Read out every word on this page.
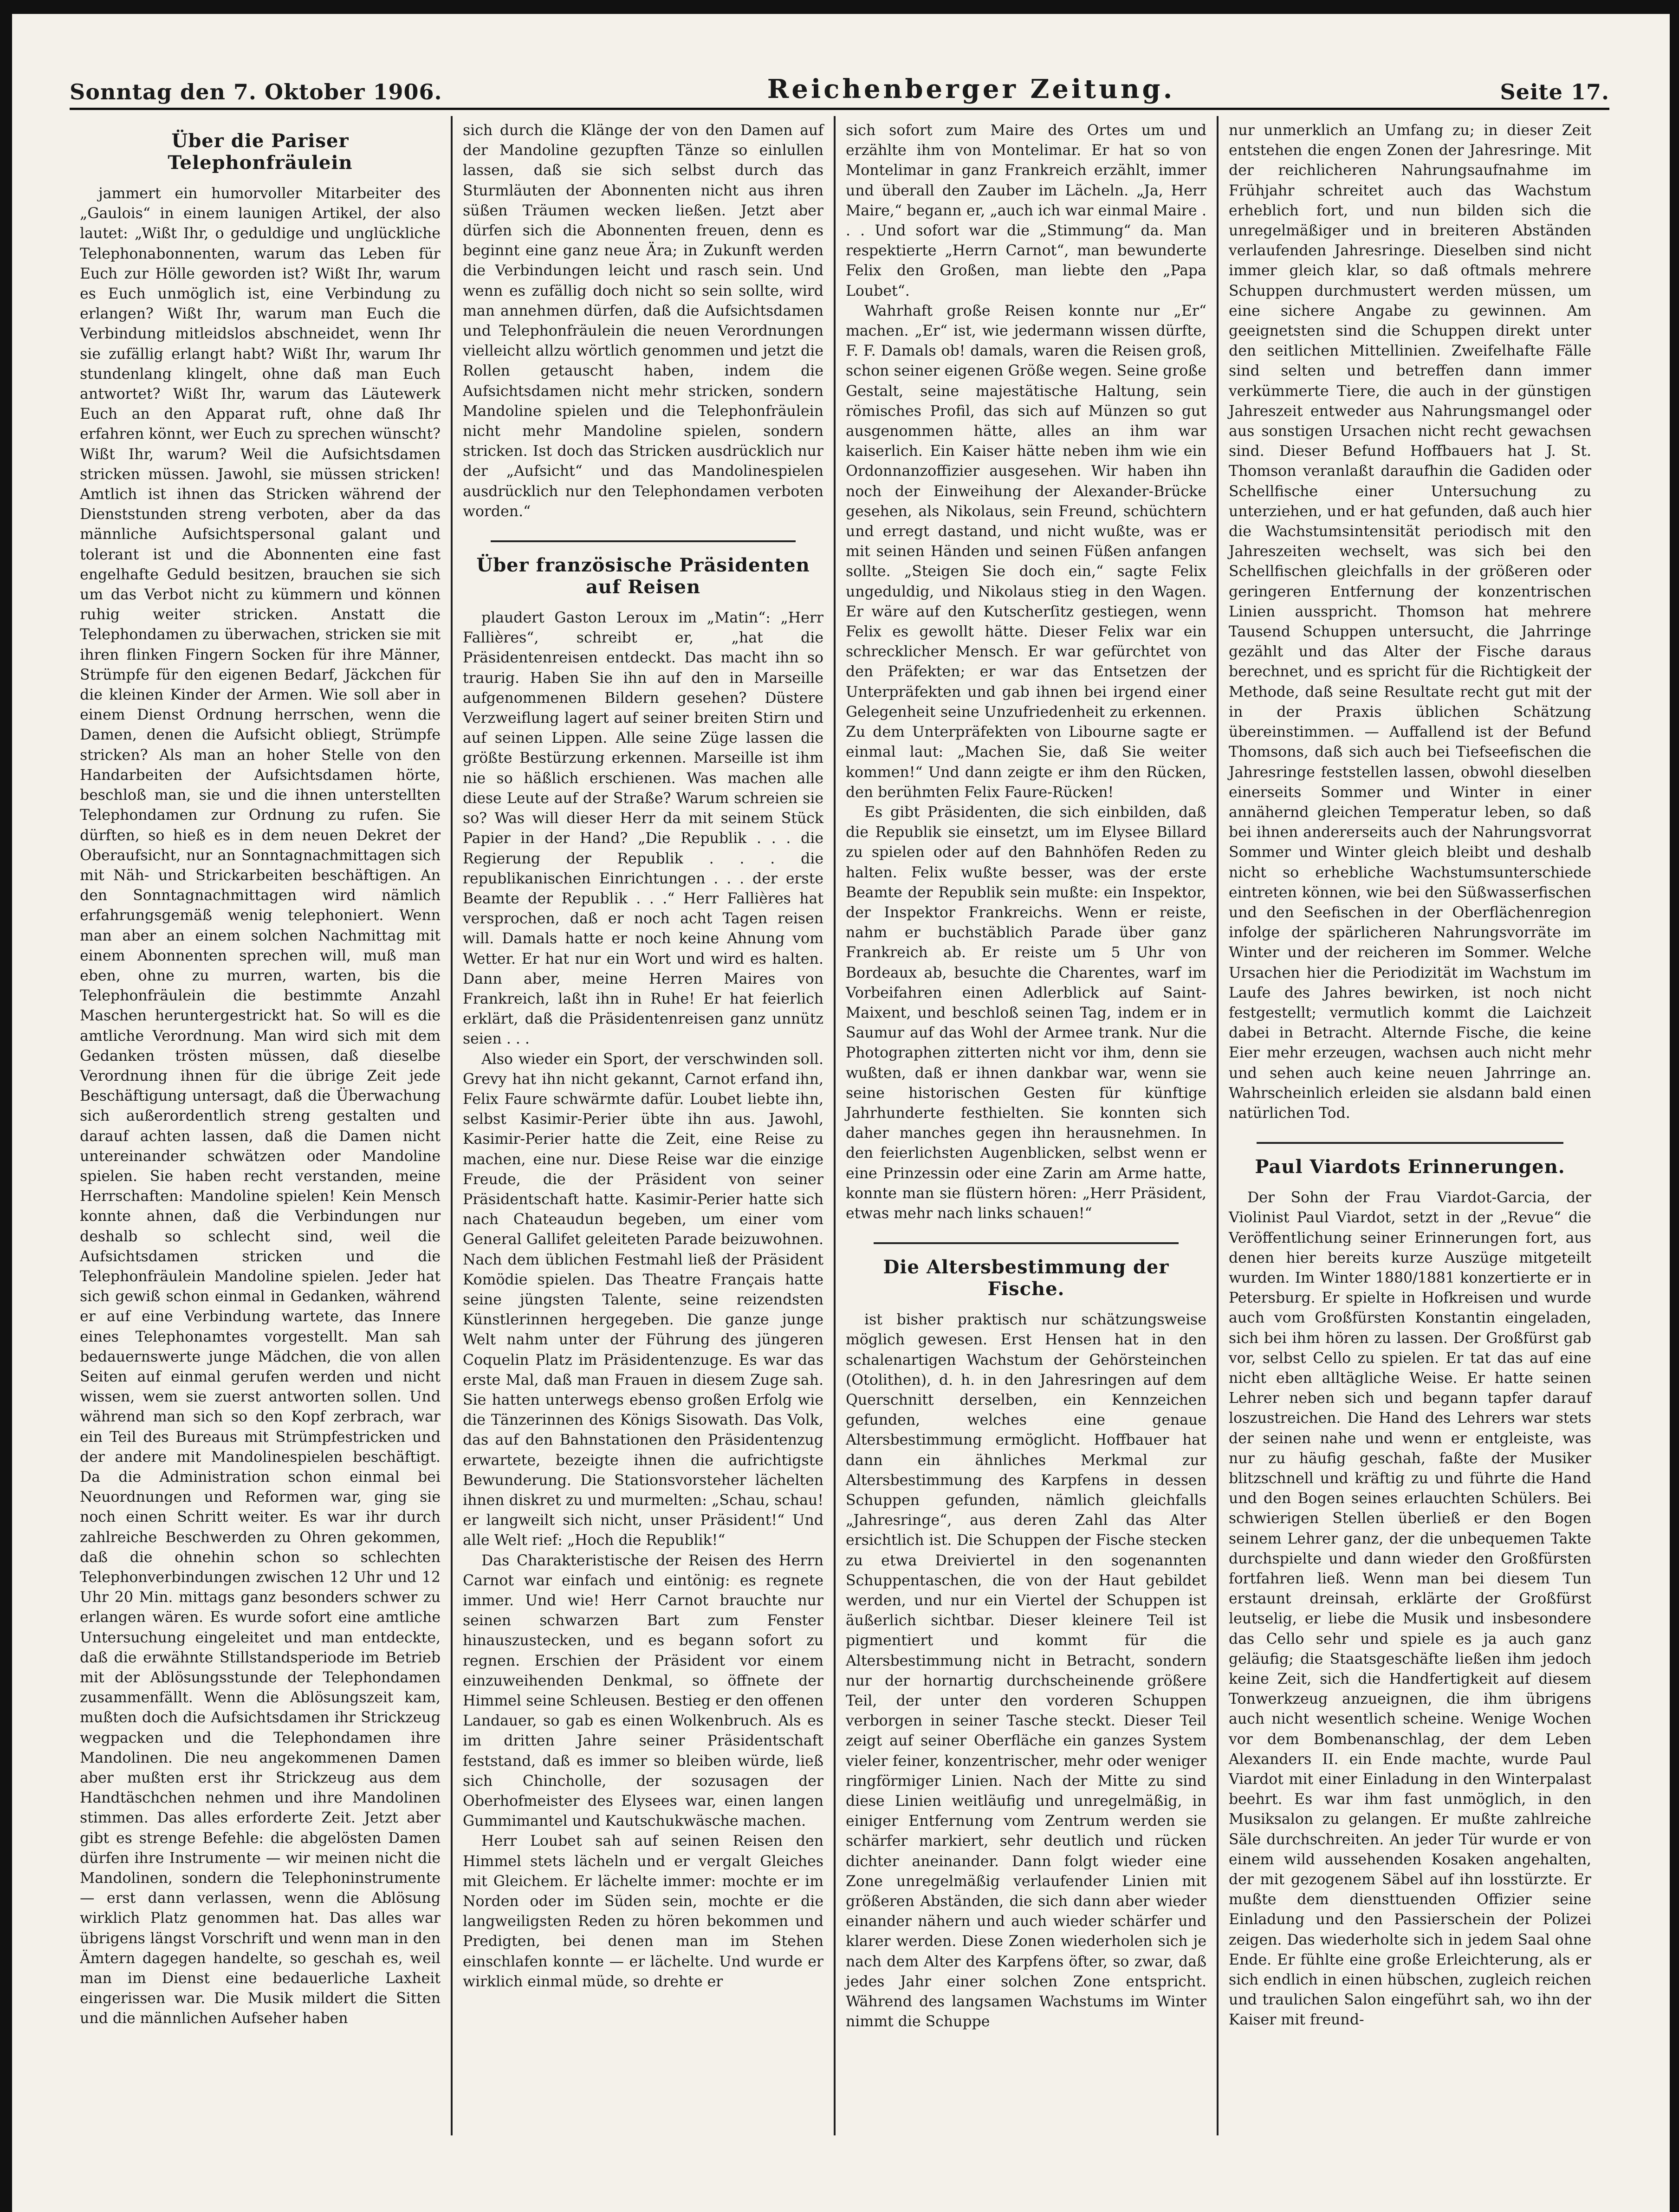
Sonntag den 7. Oktober 1906.	Reichenberger Zeitung.	Seite 17.
Über die Pariser Telephonfräulein

jammert ein humorvoller Mitarbeiter des „Gaulois“ in einem launigen Artikel, der also lautet: „Wißt Ihr, o geduldige und unglückliche Telephonabonnenten, warum das Leben für Euch zur Hölle geworden ist? Wißt Ihr, warum es Euch unmöglich ist, eine Verbindung zu erlangen? Wißt Ihr, warum man Euch die Verbindung mitleidslos abschneidet, wenn Ihr sie zufällig erlangt habt? Wißt Ihr, warum Ihr stundenlang klingelt, ohne daß man Euch antwortet? Wißt Ihr, warum das Läutewerk Euch an den Apparat ruft, ohne daß Ihr erfahren könnt, wer Euch zu sprechen wünscht? Wißt Ihr, warum? Weil die Aufsichtsdamen stricken müssen. Jawohl, sie müssen stricken! Amtlich ist ihnen das Stricken während der Dienststunden streng verboten, aber da das männliche Aufsichtspersonal galant und tolerant ist und die Abonnenten eine fast engelhafte Geduld besitzen, brauchen sie sich um das Verbot nicht zu kümmern und können ruhig weiter stricken. Anstatt die Telephondamen zu überwachen, stricken sie mit ihren flinken Fingern Socken für ihre Männer, Strümpfe für den eigenen Bedarf, Jäckchen für die kleinen Kinder der Armen. Wie soll aber in einem Dienst Ordnung herrschen, wenn die Damen, denen die Aufsicht obliegt, Strümpfe stricken? Als man an hoher Stelle von den Handarbeiten der Aufsichtsdamen hörte, beschloß man, sie und die ihnen unterstellten Telephondamen zur Ordnung zu rufen. Sie dürften, so hieß es in dem neuen Dekret der Oberaufsicht, nur an Sonntagnachmittagen sich mit Näh- und Strickarbeiten beschäftigen. An den Sonntagnachmittagen wird nämlich erfahrungsgemäß wenig telephoniert. Wenn man aber an einem solchen Nachmittag mit einem Abonnenten sprechen will, muß man eben, ohne zu murren, warten, bis die Telephonfräulein die bestimmte Anzahl Maschen heruntergestrickt hat. So will es die amtliche Verordnung. Man wird sich mit dem Gedanken trösten müssen, daß dieselbe Verordnung ihnen für die übrige Zeit jede Beschäftigung untersagt, daß die Überwachung sich außerordentlich streng gestalten und darauf achten lassen, daß die Damen nicht untereinander schwätzen oder Mandoline spielen. Sie haben recht verstanden, meine Herrschaften: Mandoline spielen! Kein Mensch konnte ahnen, daß die Verbindungen nur deshalb so schlecht sind, weil die Aufsichtsdamen stricken und die Telephonfräulein Mandoline spielen. Jeder hat sich gewiß schon einmal in Gedanken, während er auf eine Verbindung wartete, das Innere eines Telephonamtes vorgestellt. Man sah bedauernswerte junge Mädchen, die von allen Seiten auf einmal gerufen werden und nicht wissen, wem sie zuerst antworten sollen. Und während man sich so den Kopf zerbrach, war ein Teil des Bureaus mit Strümpfestricken und der andere mit Mandolinespielen beschäftigt. Da die Administration schon einmal bei Neuordnungen und Reformen war, ging sie noch einen Schritt weiter. Es war ihr durch zahlreiche Beschwerden zu Ohren gekommen, daß die ohnehin schon so schlechten Telephonverbindungen zwischen 12 Uhr und 12 Uhr 20 Min. mittags ganz besonders schwer zu erlangen wären. Es wurde sofort eine amtliche Untersuchung eingeleitet und man entdeckte, daß die erwähnte Stillstandsperiode im Betrieb mit der Ablösungsstunde der Telephondamen zusammenfällt. Wenn die Ablösungszeit kam, mußten doch die Aufsichtsdamen ihr Strickzeug wegpacken und die Telephondamen ihre Mandolinen. Die neu angekommenen Damen aber mußten erst ihr Strickzeug aus dem Handtäschchen nehmen und ihre Mandolinen stimmen. Das alles erforderte Zeit. Jetzt aber gibt es strenge Befehle: die abgelösten Damen dürfen ihre Instrumente — wir meinen nicht die Mandolinen, sondern die Telephoninstrumente — erst dann verlassen, wenn die Ablösung wirklich Platz genommen hat. Das alles war übrigens längst Vorschrift und wenn man in den Ämtern dagegen handelte, so geschah es, weil man im Dienst eine bedauerliche Laxheit eingerissen war. Die Musik mildert die Sitten und die männlichen Aufseher haben

sich durch die Klänge der von den Damen auf der Mandoline gezupften Tänze so einlullen lassen, daß sie sich selbst durch das Sturmläuten der Abonnenten nicht aus ihren süßen Träumen wecken ließen. Jetzt aber dürfen sich die Abonnenten freuen, denn es beginnt eine ganz neue Ära; in Zukunft werden die Verbindungen leicht und rasch sein. Und wenn es zufällig doch nicht so sein sollte, wird man annehmen dürfen, daß die Aufsichtsdamen und Telephonfräulein die neuen Verordnungen vielleicht allzu wörtlich genommen und jetzt die Rollen getauscht haben, indem die Aufsichtsdamen nicht mehr stricken, sondern Mandoline spielen und die Telephonfräulein nicht mehr Mandoline spielen, sondern stricken. Ist doch das Stricken ausdrücklich nur der „Aufsicht“ und das Mandolinespielen ausdrücklich nur den Telephondamen verboten worden.“

Über französische Präsidenten auf Reisen

plaudert Gaston Leroux im „Matin“: „Herr Fallières“, schreibt er, „hat die Präsidentenreisen entdeckt. Das macht ihn so traurig. Haben Sie ihn auf den in Marseille aufgenommenen Bildern gesehen? Düstere Verzweiflung lagert auf seiner breiten Stirn und auf seinen Lippen. Alle seine Züge lassen die größte Bestürzung erkennen. Marseille ist ihm nie so häßlich erschienen. Was machen alle diese Leute auf der Straße? Warum schreien sie so? Was will dieser Herr da mit seinem Stück Papier in der Hand? „Die Republik . . . die Regierung der Republik . . . die republikanischen Einrichtungen . . . der erste Beamte der Republik . . .“ Herr Fallières hat versprochen, daß er noch acht Tagen reisen will. Damals hatte er noch keine Ahnung vom Wetter. Er hat nur ein Wort und wird es halten. Dann aber, meine Herren Maires von Frankreich, laßt ihn in Ruhe! Er hat feierlich erklärt, daß die Präsidentenreisen ganz unnütz seien . . .

Also wieder ein Sport, der verschwinden soll. Grevy hat ihn nicht gekannt, Carnot erfand ihn, Felix Faure schwärmte dafür. Loubet liebte ihn, selbst Kasimir-Perier übte ihn aus. Jawohl, Kasimir-Perier hatte die Zeit, eine Reise zu machen, eine nur. Diese Reise war die einzige Freude, die der Präsident von seiner Präsidentschaft hatte. Kasimir-Perier hatte sich nach Chateaudun begeben, um einer vom General Gallifet geleiteten Parade beizuwohnen. Nach dem üblichen Festmahl ließ der Präsident Komödie spielen. Das Theatre Français hatte seine jüngsten Talente, seine reizendsten Künstlerinnen hergegeben. Die ganze junge Welt nahm unter der Führung des jüngeren Coquelin Platz im Präsidentenzuge. Es war das erste Mal, daß man Frauen in diesem Zuge sah. Sie hatten unterwegs ebenso großen Erfolg wie die Tänzerinnen des Königs Sisowath. Das Volk, das auf den Bahnstationen den Präsidentenzug erwartete, bezeigte ihnen die aufrichtigste Bewunderung. Die Stationsvorsteher lächelten ihnen diskret zu und murmelten: „Schau, schau! er langweilt sich nicht, unser Präsident!“ Und alle Welt rief: „Hoch die Republik!“

Das Charakteristische der Reisen des Herrn Carnot war einfach und eintönig: es regnete immer. Und wie! Herr Carnot brauchte nur seinen schwarzen Bart zum Fenster hinauszustecken, und es begann sofort zu regnen. Erschien der Präsident vor einem einzuweihenden Denkmal, so öffnete der Himmel seine Schleusen. Bestieg er den offenen Landauer, so gab es einen Wolkenbruch. Als es im dritten Jahre seiner Präsidentschaft feststand, daß es immer so bleiben würde, ließ sich Chincholle, der sozusagen der Oberhofmeister des Elysees war, einen langen Gummimantel und Kautschukwäsche machen.

Herr Loubet sah auf seinen Reisen den Himmel stets lächeln und er vergalt Gleiches mit Gleichem. Er lächelte immer: mochte er im Norden oder im Süden sein, mochte er die langweiligsten Reden zu hören bekommen und Predigten, bei denen man im Stehen einschlafen konnte — er lächelte. Und wurde er wirklich einmal müde, so drehte er

sich sofort zum Maire des Ortes um und erzählte ihm von Montelimar. Er hat so von Montelimar in ganz Frankreich erzählt, immer und überall den Zauber im Lächeln. „Ja, Herr Maire,“ begann er, „auch ich war einmal Maire . . . Und sofort war die „Stimmung“ da. Man respektierte „Herrn Carnot“, man bewunderte Felix den Großen, man liebte den „Papa Loubet“.

Wahrhaft große Reisen konnte nur „Er“ machen. „Er“ ist, wie jedermann wissen dürfte, F. F. Damals ob! damals, waren die Reisen groß, schon seiner eigenen Größe wegen. Seine große Gestalt, seine majestätische Haltung, sein römisches Profil, das sich auf Münzen so gut ausgenommen hätte, alles an ihm war kaiserlich. Ein Kaiser hätte neben ihm wie ein Ordonnanzoffizier ausgesehen. Wir haben ihn noch der Einweihung der Alexander-Brücke gesehen, als Nikolaus, sein Freund, schüchtern und erregt dastand, und nicht wußte, was er mit seinen Händen und seinen Füßen anfangen sollte. „Steigen Sie doch ein,“ sagte Felix ungeduldig, und Nikolaus stieg in den Wagen. Er wäre auf den Kutscherſitz gestiegen, wenn Felix es gewollt hätte. Dieser Felix war ein schrecklicher Mensch. Er war gefürchtet von den Präfekten; er war das Entsetzen der Unterpräfekten und gab ihnen bei irgend einer Gelegenheit seine Unzufriedenheit zu erkennen. Zu dem Unterpräfekten von Libourne sagte er einmal laut: „Machen Sie, daß Sie weiter kommen!“ Und dann zeigte er ihm den Rücken, den berühmten Felix Faure-Rücken!

Es gibt Präsidenten, die sich einbilden, daß die Republik sie einsetzt, um im Elysee Billard zu spielen oder auf den Bahnhöfen Reden zu halten. Felix wußte besser, was der erste Beamte der Republik sein mußte: ein Inspektor, der Inspektor Frankreichs. Wenn er reiste, nahm er buchstäblich Parade über ganz Frankreich ab. Er reiste um 5 Uhr von Bordeaux ab, besuchte die Charentes, warf im Vorbeifahren einen Adlerblick auf Saint-Maixent, und beschloß seinen Tag, indem er in Saumur auf das Wohl der Armee trank. Nur die Photographen zitterten nicht vor ihm, denn sie wußten, daß er ihnen dankbar war, wenn sie seine historischen Gesten für künftige Jahrhunderte festhielten. Sie konnten sich daher manches gegen ihn herausnehmen. In den feierlichsten Augenblicken, selbst wenn er eine Prinzessin oder eine Zarin am Arme hatte, konnte man sie flüstern hören: „Herr Präsident, etwas mehr nach links schauen!“

Die Altersbestimmung der Fische.

ist bisher praktisch nur schätzungsweise möglich gewesen. Erst Hensen hat in den schalenartigen Wachstum der Gehörsteinchen (Otolithen), d. h. in den Jahresringen auf dem Querschnitt derselben, ein Kennzeichen gefunden, welches eine genaue Altersbestimmung ermöglicht. Hoffbauer hat dann ein ähnliches Merkmal zur Altersbestimmung des Karpfens in dessen Schuppen gefunden, nämlich gleichfalls „Jahresringe“, aus deren Zahl das Alter ersichtlich ist. Die Schuppen der Fische stecken zu etwa Dreiviertel in den sogenannten Schuppentaschen, die von der Haut gebildet werden, und nur ein Viertel der Schuppen ist äußerlich sichtbar. Dieser kleinere Teil ist pigmentiert und kommt für die Altersbestimmung nicht in Betracht, sondern nur der hornartig durchscheinende größere Teil, der unter den vorderen Schuppen verborgen in seiner Tasche steckt. Dieser Teil zeigt auf seiner Oberfläche ein ganzes System vieler feiner, konzentrischer, mehr oder weniger ringförmiger Linien. Nach der Mitte zu sind diese Linien weitläufig und unregelmäßig, in einiger Entfernung vom Zentrum werden sie schärfer markiert, sehr deutlich und rücken dichter aneinander. Dann folgt wieder eine Zone unregelmäßig verlaufender Linien mit größeren Abständen, die sich dann aber wieder einander nähern und auch wieder schärfer und klarer werden. Diese Zonen wiederholen sich je nach dem Alter des Karpfens öfter, so zwar, daß jedes Jahr einer solchen Zone entspricht. Während des langsamen Wachstums im Winter nimmt die Schuppe

nur unmerklich an Umfang zu; in dieser Zeit entstehen die engen Zonen der Jahresringe. Mit der reichlicheren Nahrungsaufnahme im Frühjahr schreitet auch das Wachstum erheblich fort, und nun bilden sich die unregelmäßiger und in breiteren Abständen verlaufenden Jahresringe. Dieselben sind nicht immer gleich klar, so daß oftmals mehrere Schuppen durchmustert werden müssen, um eine sichere Angabe zu gewinnen. Am geeignetsten sind die Schuppen direkt unter den seitlichen Mittellinien. Zweifelhafte Fälle sind selten und betreffen dann immer verkümmerte Tiere, die auch in der günstigen Jahreszeit entweder aus Nahrungsmangel oder aus sonstigen Ursachen nicht recht gewachsen sind. Dieser Befund Hoffbauers hat J. St. Thomson veranlaßt daraufhin die Gadiden oder Schellfische einer Untersuchung zu unterziehen, und er hat gefunden, daß auch hier die Wachstumsintensität periodisch mit den Jahreszeiten wechselt, was sich bei den Schellfischen gleichfalls in der größeren oder geringeren Entfernung der konzentrischen Linien ausspricht. Thomson hat mehrere Tausend Schuppen untersucht, die Jahrringe gezählt und das Alter der Fische daraus berechnet, und es spricht für die Richtigkeit der Methode, daß seine Resultate recht gut mit der in der Praxis üblichen Schätzung übereinstimmen. — Auffallend ist der Befund Thomsons, daß sich auch bei Tiefseefischen die Jahresringe feststellen lassen, obwohl dieselben einerseits Sommer und Winter in einer annähernd gleichen Temperatur leben, so daß bei ihnen andererseits auch der Nahrungsvorrat Sommer und Winter gleich bleibt und deshalb nicht so erhebliche Wachstumsunterschiede eintreten können, wie bei den Süßwasserfischen und den Seefischen in der Oberflächenregion infolge der spärlicheren Nahrungsvorräte im Winter und der reicheren im Sommer. Welche Ursachen hier die Periodizität im Wachstum im Laufe des Jahres bewirken, ist noch nicht festgestellt; vermutlich kommt die Laichzeit dabei in Betracht. Alternde Fische, die keine Eier mehr erzeugen, wachsen auch nicht mehr und sehen auch keine neuen Jahrringe an. Wahrscheinlich erleiden sie alsdann bald einen natürlichen Tod.

Paul Viardots Erinnerungen.

Der Sohn der Frau Viardot-Garcia, der Violinist Paul Viardot, setzt in der „Revue“ die Veröffentlichung seiner Erinnerungen fort, aus denen hier bereits kurze Auszüge mitgeteilt wurden. Im Winter 1880/1881 konzertierte er in Petersburg. Er spielte in Hofkreisen und wurde auch vom Großfürsten Konstantin eingeladen, sich bei ihm hören zu lassen. Der Großfürst gab vor, selbst Cello zu spielen. Er tat das auf eine nicht eben alltägliche Weise. Er hatte seinen Lehrer neben sich und begann tapfer darauf loszustreichen. Die Hand des Lehrers war stets der seinen nahe und wenn er entgleiste, was nur zu häufig geschah, faßte der Musiker blitzschnell und kräftig zu und führte die Hand und den Bogen seines erlauchten Schülers. Bei schwierigen Stellen überließ er den Bogen seinem Lehrer ganz, der die unbequemen Takte durchspielte und dann wieder den Großfürsten fortfahren ließ. Wenn man bei diesem Tun erstaunt dreinsah, erklärte der Großfürst leutselig, er liebe die Musik und insbesondere das Cello sehr und spiele es ja auch ganz geläufig; die Staatsgeschäfte ließen ihm jedoch keine Zeit, sich die Handfertigkeit auf diesem Tonwerkzeug anzueignen, die ihm übrigens auch nicht wesentlich scheine. Wenige Wochen vor dem Bombenanschlag, der dem Leben Alexanders II. ein Ende machte, wurde Paul Viardot mit einer Einladung in den Winterpalast beehrt. Es war ihm fast unmöglich, in den Musiksalon zu gelangen. Er mußte zahlreiche Säle durchschreiten. An jeder Tür wurde er von einem wild aussehenden Kosaken angehalten, der mit gezogenem Säbel auf ihn losstürzte. Er mußte dem diensttuenden Offizier seine Einladung und den Passierschein der Polizei zeigen. Das wiederholte sich in jedem Saal ohne Ende. Er fühlte eine große Erleichterung, als er sich endlich in einen hübschen, zugleich reichen und traulichen Salon eingeführt sah, wo ihn der Kaiser mit freund-
